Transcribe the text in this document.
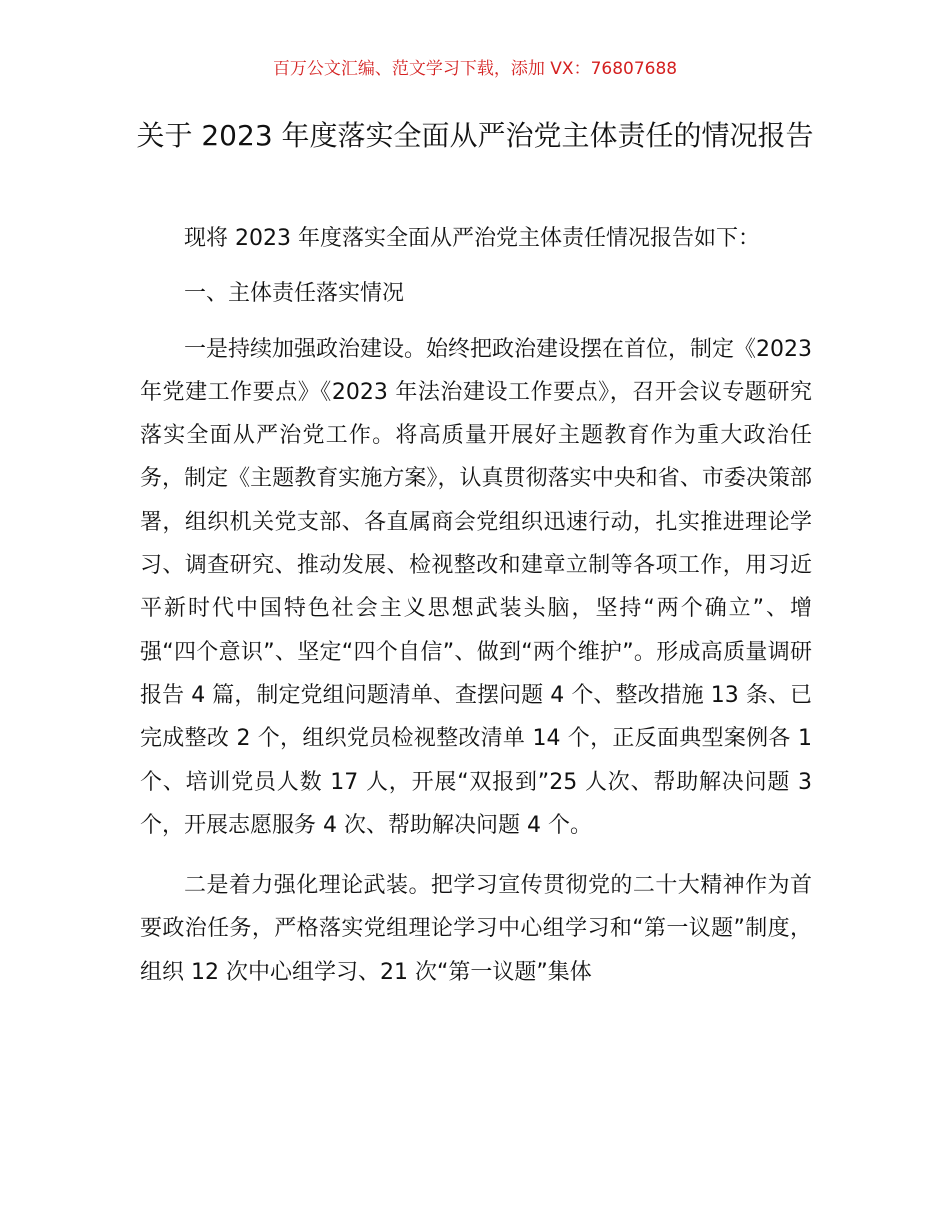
百万公文汇编、范文学习下载，添加 VX：76807688
关于 2023 年度落实全面从严治党主体责任的情况报告

现将 2023 年度落实全面从严治党主体责任情况报告如下：

一、主体责任落实情况

一是持续加强政治建设。始终把政治建设摆在首位，制定《2023 年党建工作要点》《2023 年法治建设工作要点》，召开会议专题研究落实全面从严治党工作。将高质量开展好主题教育作为重大政治任务，制定《主题教育实施方案》，认真贯彻落实中央和省、市委决策部署，组织机关党支部、各直属商会党组织迅速行动，扎实推进理论学习、调查研究、推动发展、检视整改和建章立制等各项工作，用习近平新时代中国特色社会主义思想武装头脑，坚持“两个确立”、增强“四个意识”、坚定“四个自信”、做到“两个维护”。形成高质量调研报告 4 篇，制定党组问题清单、查摆问题 4 个、整改措施 13 条、已完成整改 2 个，组织党员检视整改清单 14 个，正反面典型案例各 1 个、培训党员人数 17 人，开展“双报到”25 人次、帮助解决问题 3 个，开展志愿服务 4 次、帮助解决问题 4 个。

二是着力强化理论武装。把学习宣传贯彻党的二十大精神作为首要政治任务，严格落实党组理论学习中心组学习和“第一议题”制度，组织 12 次中心组学习、21 次“第一议题”集体
